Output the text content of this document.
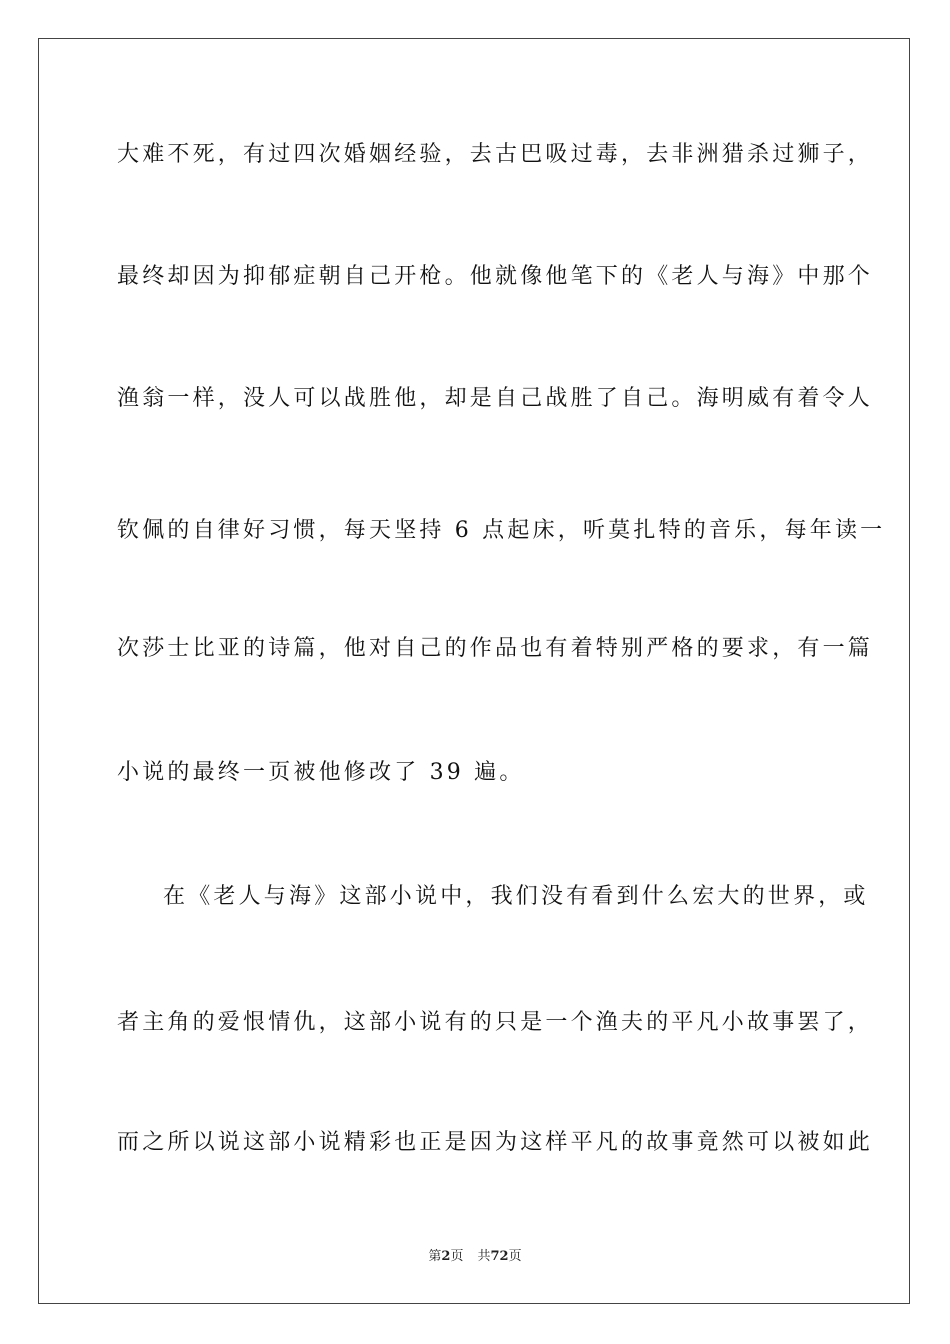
大难不死，有过四次婚姻经验，去古巴吸过毒，去非洲猎杀过狮子，
最终却因为抑郁症朝自己开枪。他就像他笔下的《老人与海》中那个
渔翁一样，没人可以战胜他，却是自己战胜了自己。海明威有着令人
钦佩的自律好习惯，每天坚持 6 点起床，听莫扎特的音乐，每年读一
次莎士比亚的诗篇，他对自己的作品也有着特别严格的要求，有一篇
小说的最终一页被他修改了 39 遍。
在《老人与海》这部小说中，我们没有看到什么宏大的世界，或
者主角的爱恨情仇，这部小说有的只是一个渔夫的平凡小故事罢了，
而之所以说这部小说精彩也正是因为这样平凡的故事竟然可以被如此
第2页 共72页
